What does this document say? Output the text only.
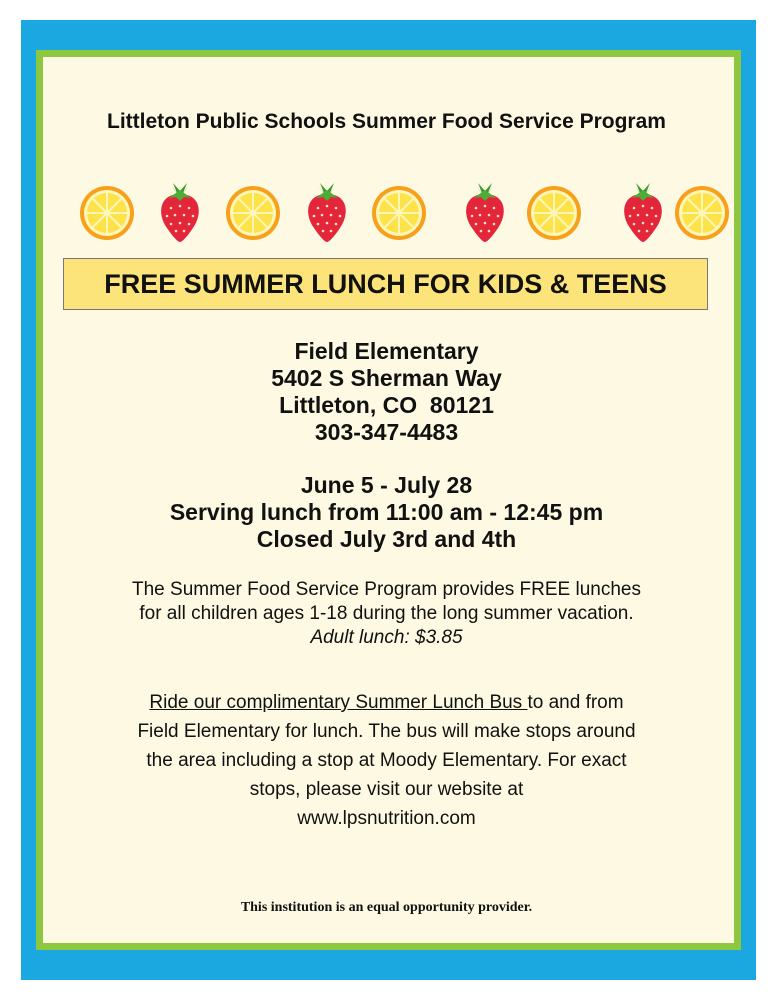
Littleton Public Schools Summer Food Service Program
FREE SUMMER LUNCH FOR KIDS & TEENS
Field Elementary
5402 S Sherman Way
Littleton, CO  80121
303-347-4483
June 5 - July 28
Serving lunch from 11:00 am - 12:45 pm
Closed July 3rd and 4th
The Summer Food Service Program provides FREE lunches
for all children ages 1-18 during the long summer vacation.
Adult lunch: $3.85
Ride our complimentary Summer Lunch Bus to and from
Field Elementary for lunch. The bus will make stops around
the area including a stop at Moody Elementary. For exact
stops, please visit our website at
www.lpsnutrition.com
This institution is an equal opportunity provider.
